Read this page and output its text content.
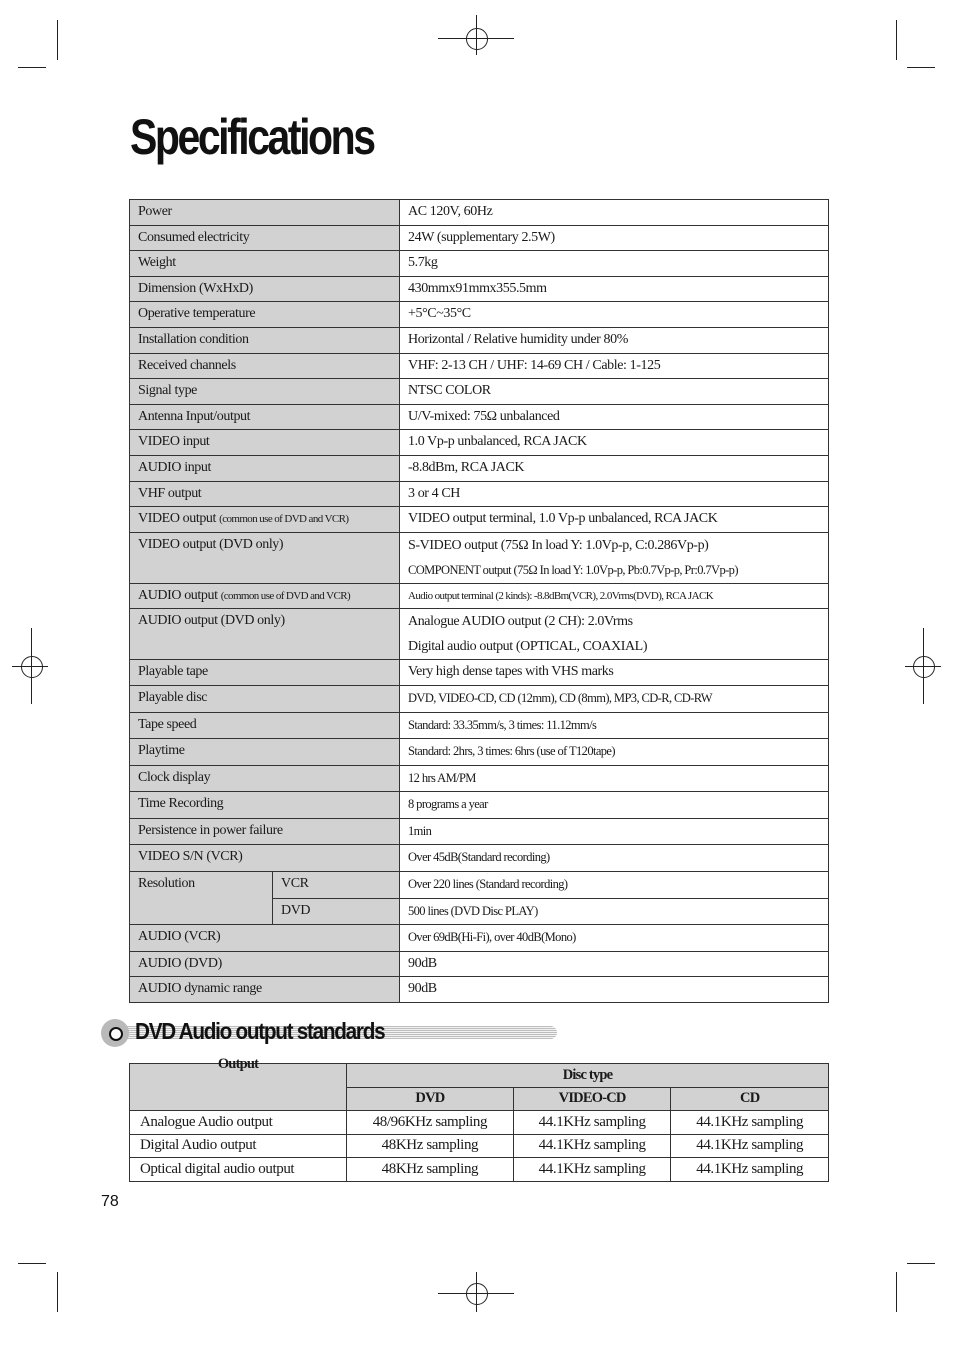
Specifications
Power		AC 120V, 60Hz
Consumed electricity		24W (supplementary 2.5W)
Weight		5.7kg
Dimension (WxHxD)		430mmx91mmx355.5mm
Operative temperature		+5°C~35°C
Installation condition		Horizontal / Relative humidity under 80%
Received channels		VHF: 2-13 CH / UHF: 14-69 CH / Cable: 1-125
Signal type		NTSC COLOR
Antenna Input/output		U/V-mixed: 75Ω unbalanced
VIDEO input		1.0 Vp-p unbalanced, RCA JACK
AUDIO input		-8.8dBm, RCA JACK
VHF output		3 or 4 CH
VIDEO output (common use of DVD and VCR)		VIDEO output terminal, 1.0 Vp-p unbalanced, RCA JACK
VIDEO output (DVD only)		S-VIDEO output (75Ω In load Y: 1.0Vp-p, C:0.286Vp-p)
COMPONENT output (75Ω In load Y: 1.0Vp-p, Pb:0.7Vp-p, Pr:0.7Vp-p)

AUDIO output (common use of DVD and VCR)		Audio output terminal (2 kinds): -8.8dBm(VCR), 2.0Vrms(DVD), RCA JACK
AUDIO output (DVD only)		Analogue AUDIO output (2 CH): 2.0Vrms
Digital audio output (OPTICAL, COAXIAL)

Playable tape		Very high dense tapes with VHS marks
Playable disc		DVD, VIDEO-CD, CD (12mm), CD (8mm), MP3, CD-R, CD-RW
Tape speed		Standard: 33.35mm/s, 3 times: 11.12mm/s
Playtime		Standard: 2hrs, 3 times: 6hrs (use of T120tape)
Clock display		12 hrs AM/PM
Time Recording		8 programs a year
Persistence in power failure		1min
VIDEO S/N (VCR)		Over 45dB(Standard recording)
Resolution	VCR	Over 220 lines (Standard recording)
	DVD	500 lines (DVD Disc PLAY)
AUDIO (VCR)		Over 69dB(Hi-Fi), over 40dB(Mono)
AUDIO (DVD)		90dB
AUDIO dynamic range		90dB
DVD Audio output standards
Output	Disc type		
	DVD	VIDEO-CD	CD
Analogue Audio output	48/96KHz sampling	44.1KHz sampling	44.1KHz sampling
Digital Audio output	48KHz sampling	44.1KHz sampling	44.1KHz sampling
Optical digital audio output	48KHz sampling	44.1KHz sampling	44.1KHz sampling
78
